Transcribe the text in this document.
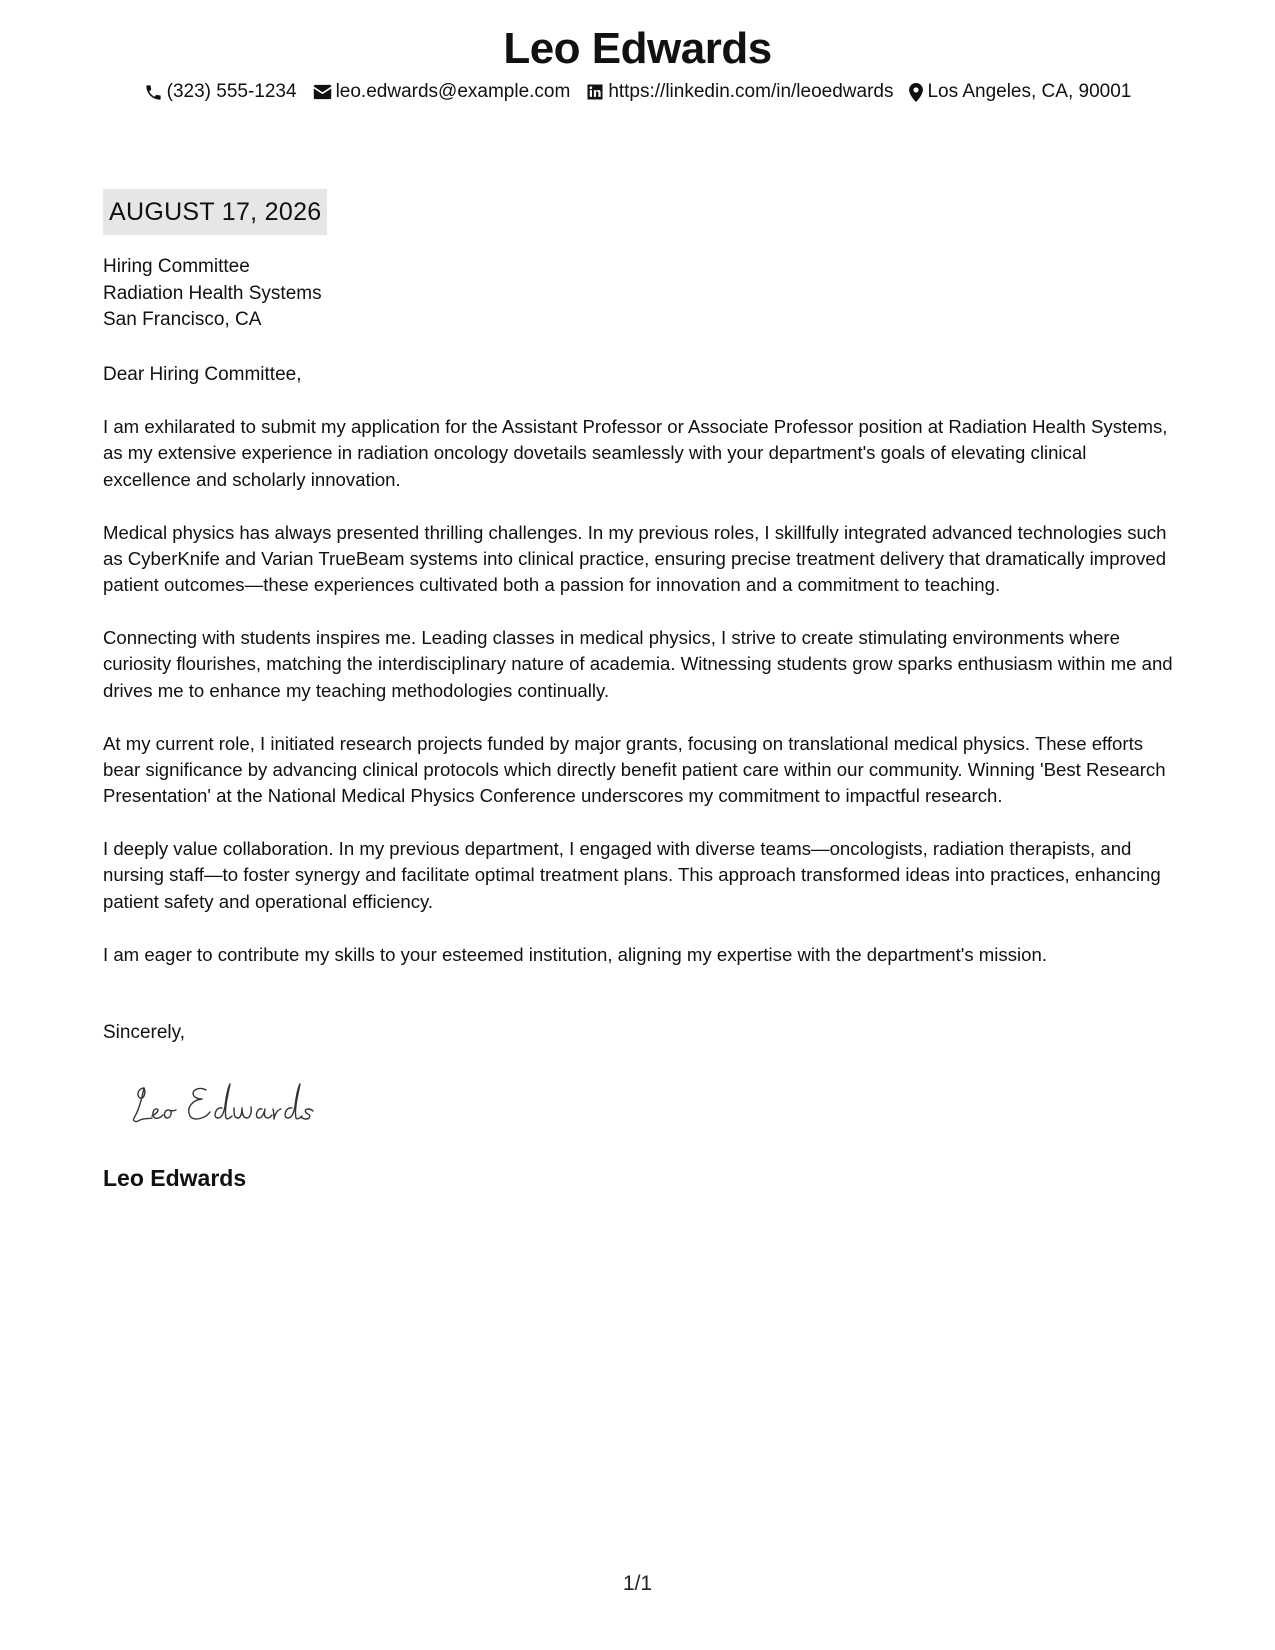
Leo Edwards
(323) 555-1234 leo.edwards@example.com https://linkedin.com/in/leoedwards Los Angeles, CA, 90001
AUGUST 17, 2026
Hiring Committee
Radiation Health Systems
San Francisco, CA
Dear Hiring Committee,

I am exhilarated to submit my application for the Assistant Professor or Associate Professor position at Radiation Health Systems, as my extensive experience in radiation oncology dovetails seamlessly with your department's goals of elevating clinical excellence and scholarly innovation.

Medical physics has always presented thrilling challenges. In my previous roles, I skillfully integrated advanced technologies such as CyberKnife and Varian TrueBeam systems into clinical practice, ensuring precise treatment delivery that dramatically improved patient outcomes—these experiences cultivated both a passion for innovation and a commitment to teaching.

Connecting with students inspires me. Leading classes in medical physics, I strive to create stimulating environments where curiosity flourishes, matching the interdisciplinary nature of academia. Witnessing students grow sparks enthusiasm within me and drives me to enhance my teaching methodologies continually.

At my current role, I initiated research projects funded by major grants, focusing on translational medical physics. These efforts bear significance by advancing clinical protocols which directly benefit patient care within our community. Winning 'Best Research Presentation' at the National Medical Physics Conference underscores my commitment to impactful research.

I deeply value collaboration. In my previous department, I engaged with diverse teams—oncologists, radiation therapists, and nursing staff—to foster synergy and facilitate optimal treatment plans. This approach transformed ideas into practices, enhancing patient safety and operational efficiency.

I am eager to contribute my skills to your esteemed institution, aligning my expertise with the department's mission.

Sincerely,
Leo Edwards
1/1
